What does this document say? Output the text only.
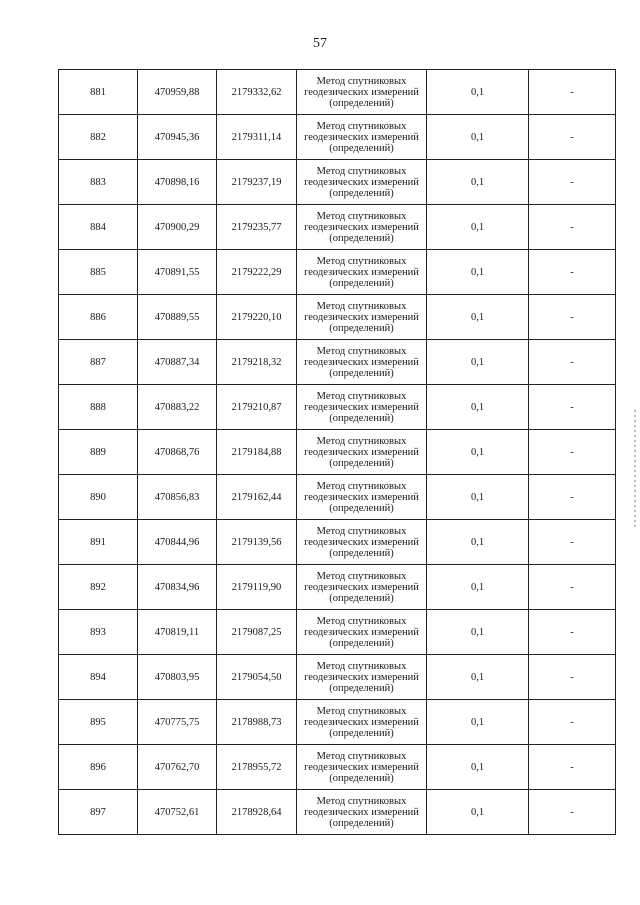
57
881	470959,88	2179332,62	Метод спутниковых
геодезических измерений
(определений)	0,1	-
882	470945,36	2179311,14	Метод спутниковых
геодезических измерений
(определений)	0,1	-
883	470898,16	2179237,19	Метод спутниковых
геодезических измерений
(определений)	0,1	-
884	470900,29	2179235,77	Метод спутниковых
геодезических измерений
(определений)	0,1	-
885	470891,55	2179222,29	Метод спутниковых
геодезических измерений
(определений)	0,1	-
886	470889,55	2179220,10	Метод спутниковых
геодезических измерений
(определений)	0,1	-
887	470887,34	2179218,32	Метод спутниковых
геодезических измерений
(определений)	0,1	-
888	470883,22	2179210,87	Метод спутниковых
геодезических измерений
(определений)	0,1	-
889	470868,76	2179184,88	Метод спутниковых
геодезических измерений
(определений)	0,1	-
890	470856,83	2179162,44	Метод спутниковых
геодезических измерений
(определений)	0,1	-
891	470844,96	2179139,56	Метод спутниковых
геодезических измерений
(определений)	0,1	-
892	470834,96	2179119,90	Метод спутниковых
геодезических измерений
(определений)	0,1	-
893	470819,11	2179087,25	Метод спутниковых
геодезических измерений
(определений)	0,1	-
894	470803,95	2179054,50	Метод спутниковых
геодезических измерений
(определений)	0,1	-
895	470775,75	2178988,73	Метод спутниковых
геодезических измерений
(определений)	0,1	-
896	470762,70	2178955,72	Метод спутниковых
геодезических измерений
(определений)	0,1	-
897	470752,61	2178928,64	Метод спутниковых
геодезических измерений
(определений)	0,1	-
